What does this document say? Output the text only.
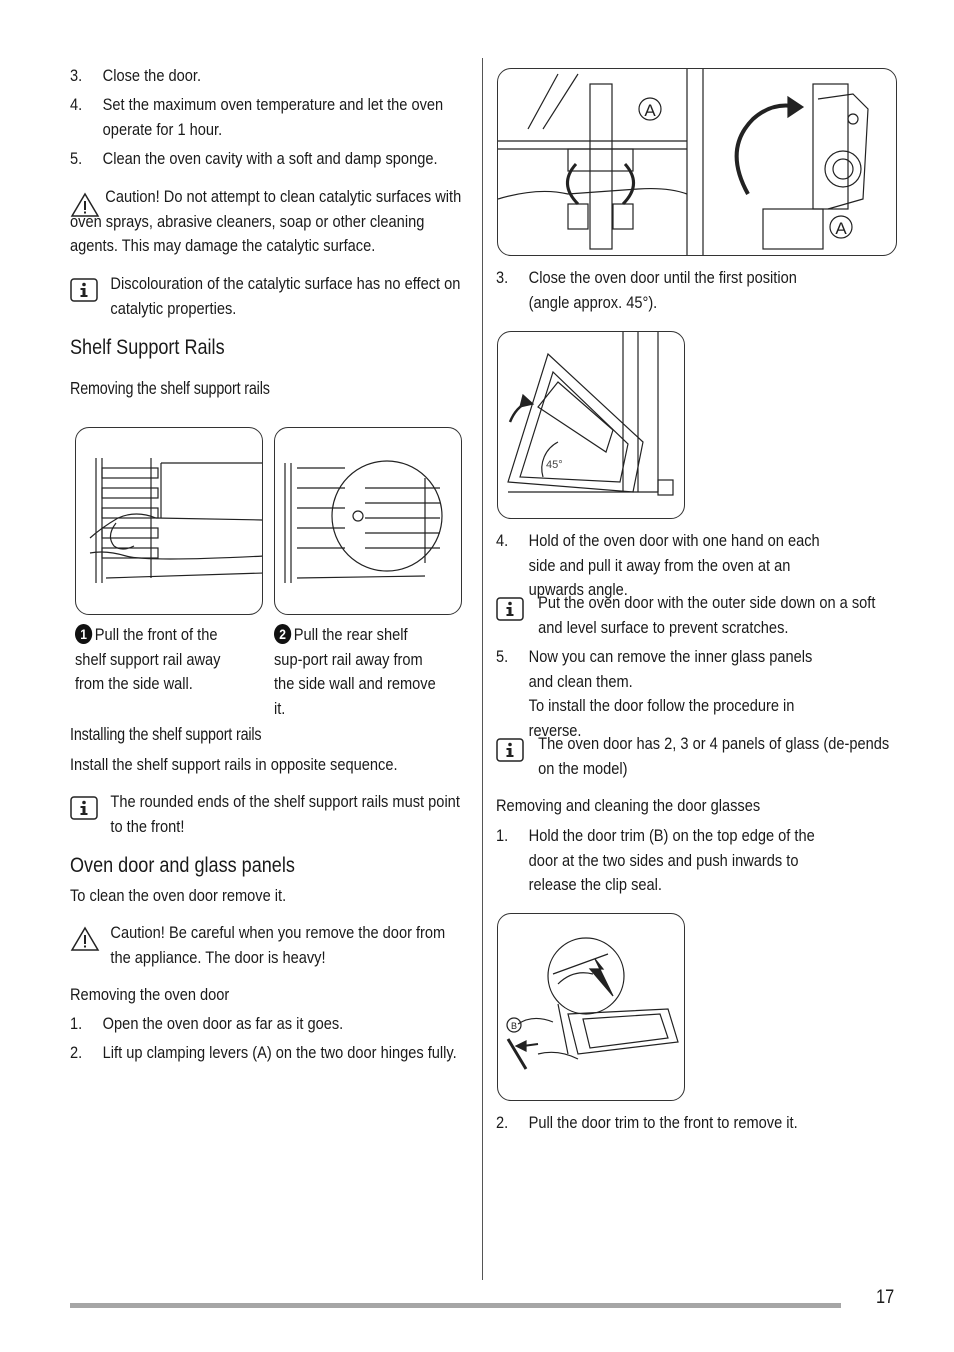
3. Close the door.
4. Set the maximum oven temperature and let the oven operate for 1 hour.
5. Clean the oven cavity with a soft and damp sponge.
Caution! Do not attempt to clean catalytic surfaces with oven sprays, abrasive cleaners, soap or other cleaning agents. This may damage the catalytic surface.
Discolouration of the catalytic surface has no effect on catalytic properties.
Shelf Support Rails
Removing the shelf support rails
1 Pull the front of the shelf support rail away from the side wall.
2 Pull the rear shelf sup-port rail away from the side wall and remove it.
Installing the shelf support rails
Install the shelf support rails in opposite sequence.
The rounded ends of the shelf support rails must point to the front!
Oven door and glass panels
To clean the oven door remove it.
Caution! Be careful when you remove the door from the appliance. The door is heavy!
Removing the oven door
1. Open the oven door as far as it goes.
2. Lift up clamping levers (A) on the two door hinges fully.
A
A
3. Close the oven door until the first position (angle approx. 45°).
45°
4. Hold of the oven door with one hand on each side and pull it away from the oven at an upwards angle.
Put the oven door with the outer side down on a soft and level surface to prevent scratches.
5. Now you can remove the inner glass panels and clean them.
To install the door follow the procedure in reverse.
The oven door has 2, 3 or 4 panels of glass (de-pends on the model)
Removing and cleaning the door glasses
1. Hold the door trim (B) on the top edge of the door at the two sides and push inwards to release the clip seal.
B
2. Pull the door trim to the front to remove it.
17
